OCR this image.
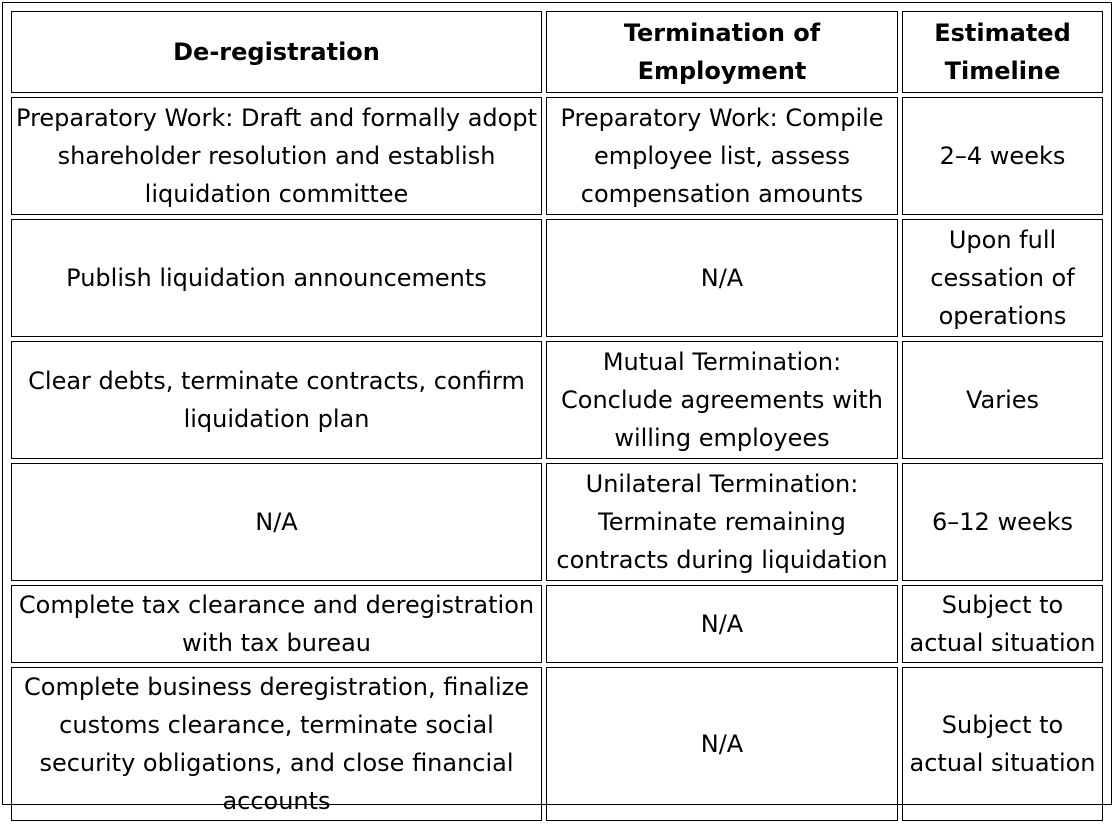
De-registration	Termination of Employment	Estimated Timeline
Preparatory Work: Draft and formally adopt shareholder resolution and establish liquidation committee	Preparatory Work: Compile employee list, assess compensation amounts	2–4 weeks
Publish liquidation announcements	N/A	Upon full cessation of operations
Clear debts, terminate contracts, confirm liquidation plan	Mutual Termination: Conclude agreements with willing employees	Varies
N/A	Unilateral Termination: Terminate remaining contracts during liquidation	6–12 weeks
Complete tax clearance and deregistration with tax bureau	N/A	Subject to actual situation
Complete business deregistration, finalize customs clearance, terminate social security obligations, and close financial accounts	N/A	Subject to actual situation
